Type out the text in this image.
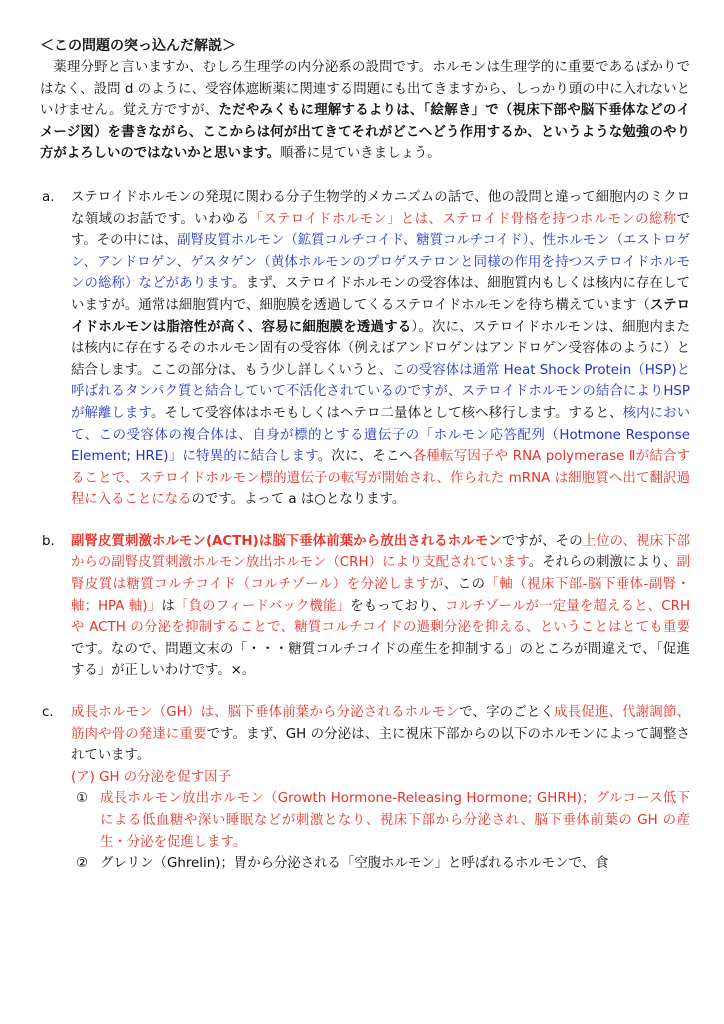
＜この問題の突っ込んだ解説＞

薬理分野と言いますか、むしろ生理学の内分泌系の設問です。ホルモンは生理学的に重要であるばかりではなく、設問 d のように、受容体遮断薬に関連する問題にも出てきますから、しっかり頭の中に入れないといけません。覚え方ですが、ただやみくもに理解するよりは、「絵解き」で（視床下部や脳下垂体などのイメージ図）を書きながら、ここからは何が出てきてそれがどこへどう作用するか、というような勉強のやり方がよろしいのではないかと思います。順番に見ていきましょう。

a. ステロイドホルモンの発現に関わる分子生物学的メカニズムの話で、他の設問と違って細胞内のミクロな領域のお話です。いわゆる「ステロイドホルモン」とは、ステロイド骨格を持つホルモンの総称です。その中には、副腎皮質ホルモン（鉱質コルチコイド、糖質コルチコイド）、性ホルモン（エストロゲン、アンドロゲン、ゲスタゲン（黄体ホルモンのプロゲステロンと同様の作用を持つステロイドホルモンの総称）などがあります。まず、ステロイドホルモンの受容体は、細胞質内もしくは核内に存在していますが。通常は細胞質内で、細胞膜を透過してくるステロイドホルモンを待ち構えています（ステロイドホルモンは脂溶性が高く、容易に細胞膜を透過する）。次に、ステロイドホルモンは、細胞内または核内に存在するそのホルモン固有の受容体（例えばアンドロゲンはアンドロゲン受容体のように）と結合します。ここの部分は、もう少し詳しくいうと、この受容体は通常 Heat Shock Protein（HSP)と呼ばれるタンパク質と結合していて不活化されているのですが、ステロイドホルモンの結合によりHSP が解離します。そして受容体はホモもしくはヘテロ二量体として核へ移行します。すると、核内において、この受容体の複合体は、自身が標的とする遺伝子の「ホルモン応答配列（Hotmone Response Element; HRE)」に特異的に結合します。次に、そこへ各種転写因子や RNA polymerase Ⅱが結合することで、ステロイドホルモン標的遺伝子の転写が開始され、作られた mRNA は細胞質へ出て翻訳過程に入ることになるのです。よって a は○となります。

b. 副腎皮質刺激ホルモン(ACTH)は脳下垂体前葉から放出されるホルモンですが、その上位の、視床下部からの副腎皮質刺激ホルモン放出ホルモン（CRH）により支配されています。それらの刺激により、副腎皮質は糖質コルチコイド（コルチゾール）を分泌しますが、この「軸（視床下部-脳下垂体-副腎・軸；HPA 軸)」は「負のフィードバック機能」をもっており、コルチゾールが一定量を超えると、CRH や ACTH の分泌を抑制することで、糖質コルチコイドの過剰分泌を抑える、ということはとても重要です。なので、問題文末の「・・・糖質コルチコイドの産生を抑制する」のところが間違えで、「促進する」が正しいわけです。×。

c. 成長ホルモン（GH）は、脳下垂体前葉から分泌されるホルモンで、字のごとく成長促進、代謝調節、筋肉や骨の発達に重要です。まず、GH の分泌は、主に視床下部からの以下のホルモンによって調整されています。

(ア) GH の分泌を促す因子

① 成長ホルモン放出ホルモン（Growth Hormone-Releasing Hormone; GHRH)；グルコース低下による低血糖や深い睡眠などが刺激となり、視床下部から分泌され、脳下垂体前葉の GH の産生・分泌を促進します。

② グレリン（Ghrelin)；胃から分泌される「空腹ホルモン」と呼ばれるホルモンで、食
